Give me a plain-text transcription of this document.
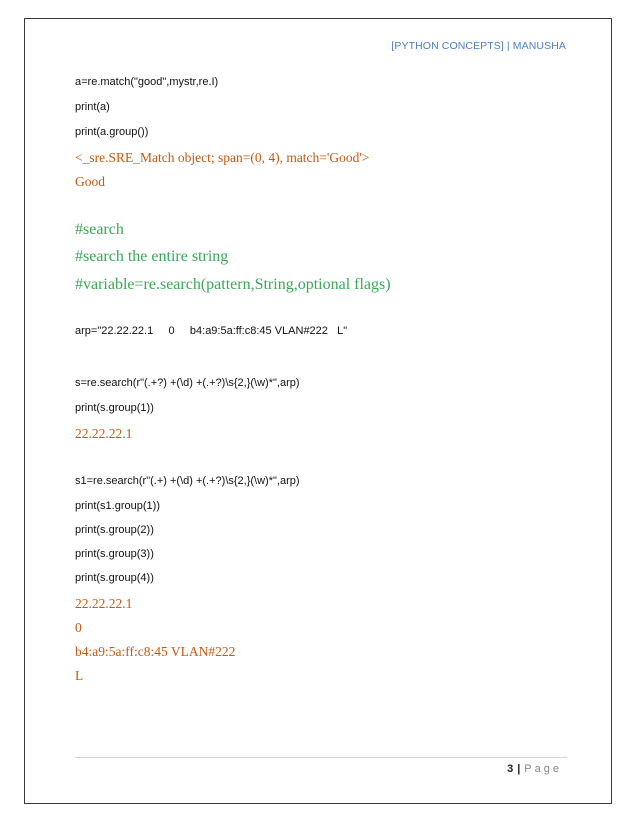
[PYTHON CONCEPTS] | MANUSHA
a=re.match("good",mystr,re.I)
print(a)
print(a.group())
<_sre.SRE_Match object; span=(0, 4), match='Good'>
Good
#search
#search the entire string
#variable=re.search(pattern,String,optional flags)
arp="22.22.22.1     0     b4:a9:5a:ff:c8:45 VLAN#222   L"
s=re.search(r"(.+?) +(\d) +(.+?)\s{2,}(\w)*",arp)
print(s.group(1))
22.22.22.1
s1=re.search(r"(.+) +(\d) +(.+?)\s{2,}(\w)*",arp)
print(s1.group(1))
print(s.group(2))
print(s.group(3))
print(s.group(4))
22.22.22.1
0
b4:a9:5a:ff:c8:45 VLAN#222
L
3 | Page
